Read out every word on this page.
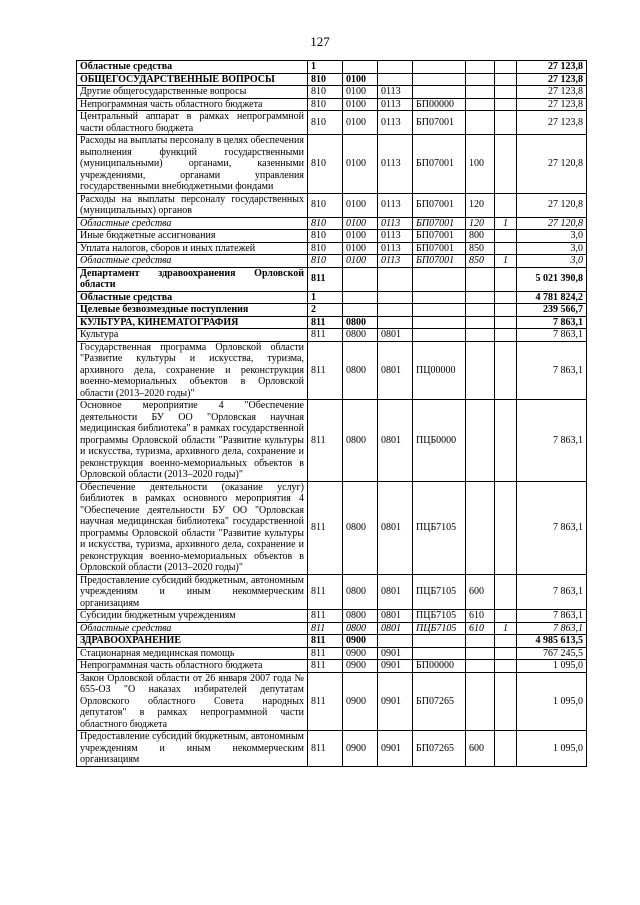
127
Областные средства	1						27 123,8
ОБЩЕГОСУДАРСТВЕННЫЕ ВОПРОСЫ	810	0100					27 123,8
Другие общегосударственные вопросы	810	0100	0113				27 123,8
Непрограммная часть областного бюджета	810	0100	0113	БП00000			27 123,8
Центральный аппарат в рамках непрограммной части областного бюджета	810	0100	0113	БП07001			27 123,8
Расходы на выплаты персоналу в целях обеспечения выполнения функций государственными (муниципальными) органами, казенными учреждениями, органами управления государственными внебюджетными фондами	810	0100	0113	БП07001	100		27 120,8
Расходы на выплаты персоналу государственных (муниципальных) органов	810	0100	0113	БП07001	120		27 120,8
Областные средства	810	0100	0113	БП07001	120	1	27 120,8
Иные бюджетные ассигнования	810	0100	0113	БП07001	800		3,0
Уплата налогов, сборов и иных платежей	810	0100	0113	БП07001	850		3,0
Областные средства	810	0100	0113	БП07001	850	1	3,0
Департамент здравоохранения Орловской области	811						5 021 390,8
Областные средства	1						4 781 824,2
Целевые безвозмездные поступления	2						239 566,7
КУЛЬТУРА, КИНЕМАТОГРАФИЯ	811	0800					7 863,1
Культура	811	0800	0801				7 863,1
Государственная программа Орловской области "Развитие культуры и искусства, туризма, архивного дела, сохранение и реконструкция военно-мемориальных объектов в Орловской области (2013–2020 годы)"	811	0800	0801	ПЦ00000			7 863,1
Основное мероприятие 4 "Обеспечение деятельности БУ ОО "Орловская научная медицинская библиотека" в рамках государственной программы Орловской области "Развитие культуры и искусства, туризма, архивного дела, сохранение и реконструкция военно-мемориальных объектов в Орловской области (2013–2020 годы)"	811	0800	0801	ПЦБ0000			7 863,1
Обеспечение деятельности (оказание услуг) библиотек в рамках основного мероприятия 4 "Обеспечение деятельности БУ ОО "Орловская научная медицинская библиотека" государственной программы Орловской области "Развитие культуры и искусства, туризма, архивного дела, сохранение и реконструкция военно-мемориальных объектов в Орловской области (2013–2020 годы)"	811	0800	0801	ПЦБ7105			7 863,1
Предоставление субсидий бюджетным, автономным учреждениям и иным некоммерческим организациям	811	0800	0801	ПЦБ7105	600		7 863,1
Субсидии бюджетным учреждениям	811	0800	0801	ПЦБ7105	610		7 863,1
Областные средства	811	0800	0801	ПЦБ7105	610	1	7 863,1
ЗДРАВООХРАНЕНИЕ	811	0900					4 985 613,5
Стационарная медицинская помощь	811	0900	0901				767 245,5
Непрограммная часть областного бюджета	811	0900	0901	БП00000			1 095,0
Закон Орловской области от 26 января 2007 года № 655-ОЗ "О наказах избирателей депутатам Орловского областного Совета народных депутатов" в рамках непрограммной части областного бюджета	811	0900	0901	БП07265			1 095,0
Предоставление субсидий бюджетным, автономным учреждениям и иным некоммерческим организациям	811	0900	0901	БП07265	600		1 095,0
